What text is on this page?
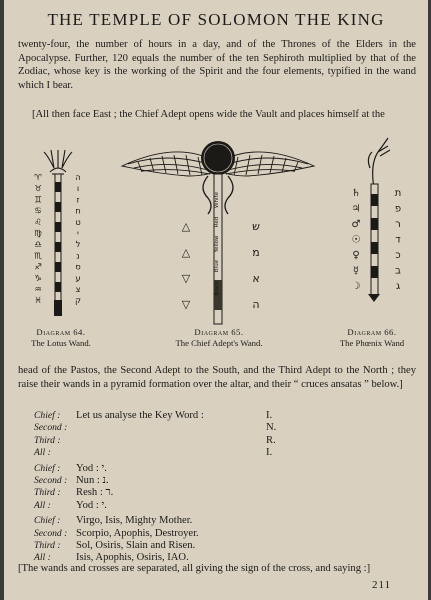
THE TEMPLE OF SOLOMON THE KING
twenty-four, the number of hours in a day, and of the Thrones of the Elders in the Apocalypse. Further, 120 equals the number of the ten Sephiroth multiplied by that of the Zodiac, whose key is the working of the Spirit and the four elements, typified in the wand which I bear.
[All then face East ; the Chief Adept opens wide the Vault and places himself at the
♈
♉
♊
♋
♌
♍
♎
♏
♐
♑
♒
♓
ה
ו
ז
ח
ט
י
ל
נ
ס
ע
צ
ק
White
Red
Yellow
Blue
Black
△
△
▽
▽
ש
מ
א
ה
♄
♃
♂
☉
♀
☿
☽
ת
פ
ר
ד
כ
ב
ג
Diagram 64.
The Lotus Wand.
Diagram 65.
The Chief Adept's Wand.
Diagram 66.
The Phœnix Wand
head of the Pastos, the Second Adept to the South, and the Third Adept to the North ; they raise their wands in a pyramid formation over the altar, and their “ cruces ansatas ” below.]
Chief : Let us analyse the Key Word :	I.
Second :	N.
Third :	R.
All :	I.
Chief : Yod : י.
Second : Nun : נ.
Third : Resh : ר.
All : Yod : י.
Chief : Virgo, Isis, Mighty Mother.
Second : Scorpio, Apophis, Destroyer.
Third : Sol, Osiris, Slain and Risen.
All : Isis, Apophis, Osiris, IAO.
[The wands and crosses are separated, all giving the sign of the cross, and saying :]
211
